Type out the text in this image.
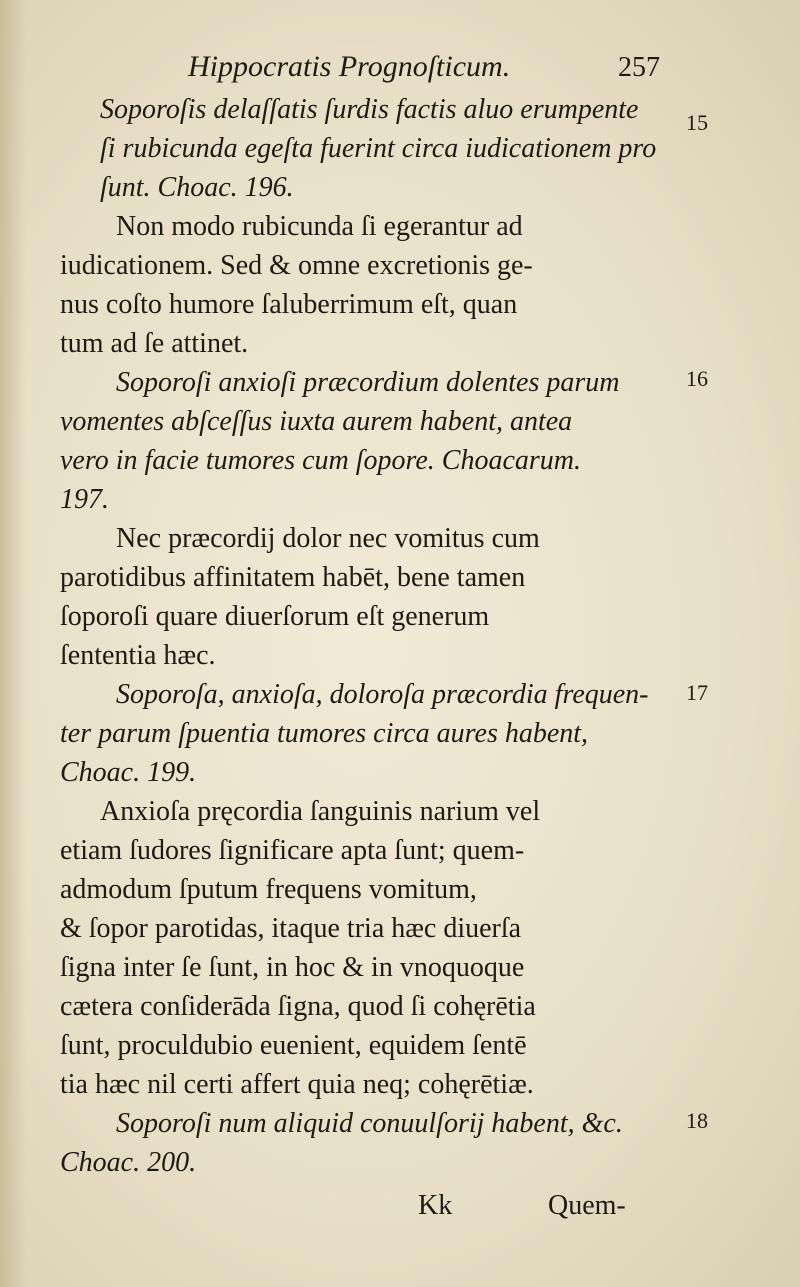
Hippocratis Prognoſticum.	257

Soporoſis delaſſatis ſurdis factis aluo erumpente
ſi rubicunda egeſta fuerint circa iudicationem pro
ſunt. Choac. 196.

Non modo rubicunda ſi egerantur ad
iudicationem. Sed & omne excretionis ge-
nus coſto humore ſaluberrimum eſt, quan
tum ad ſe attinet.

Soporoſi anxioſi præcordium dolentes parum
vomentes abſceſſus iuxta aurem habent, antea
vero in facie tumores cum ſopore. Choacarum.
197.

Nec præcordij dolor nec vomitus cum
parotidibus affinitatem habēt, bene tamen
ſoporoſi quare diuerſorum eſt generum
ſententia hæc.

Soporoſa, anxioſa, doloroſa præcordia frequen-
ter parum ſpuentia tumores circa aures habent,
Choac. 199.

Anxioſa pręcordia ſanguinis narium vel
etiam ſudores ſignificare apta ſunt; quem-
admodum ſputum frequens vomitum,
& ſopor parotidas, itaque tria hæc diuerſa
ſigna inter ſe ſunt, in hoc & in vnoquoque
cætera conſiderāda ſigna, quod ſi cohęrētia
ſunt, proculdubio euenient, equidem ſentē
tia hæc nil certi affert quia neq; cohęrētiæ.

Soporoſi num aliquid conuulſorij habent, &c.
Choac. 200.

Kk	Quem-
15
16
17
18
